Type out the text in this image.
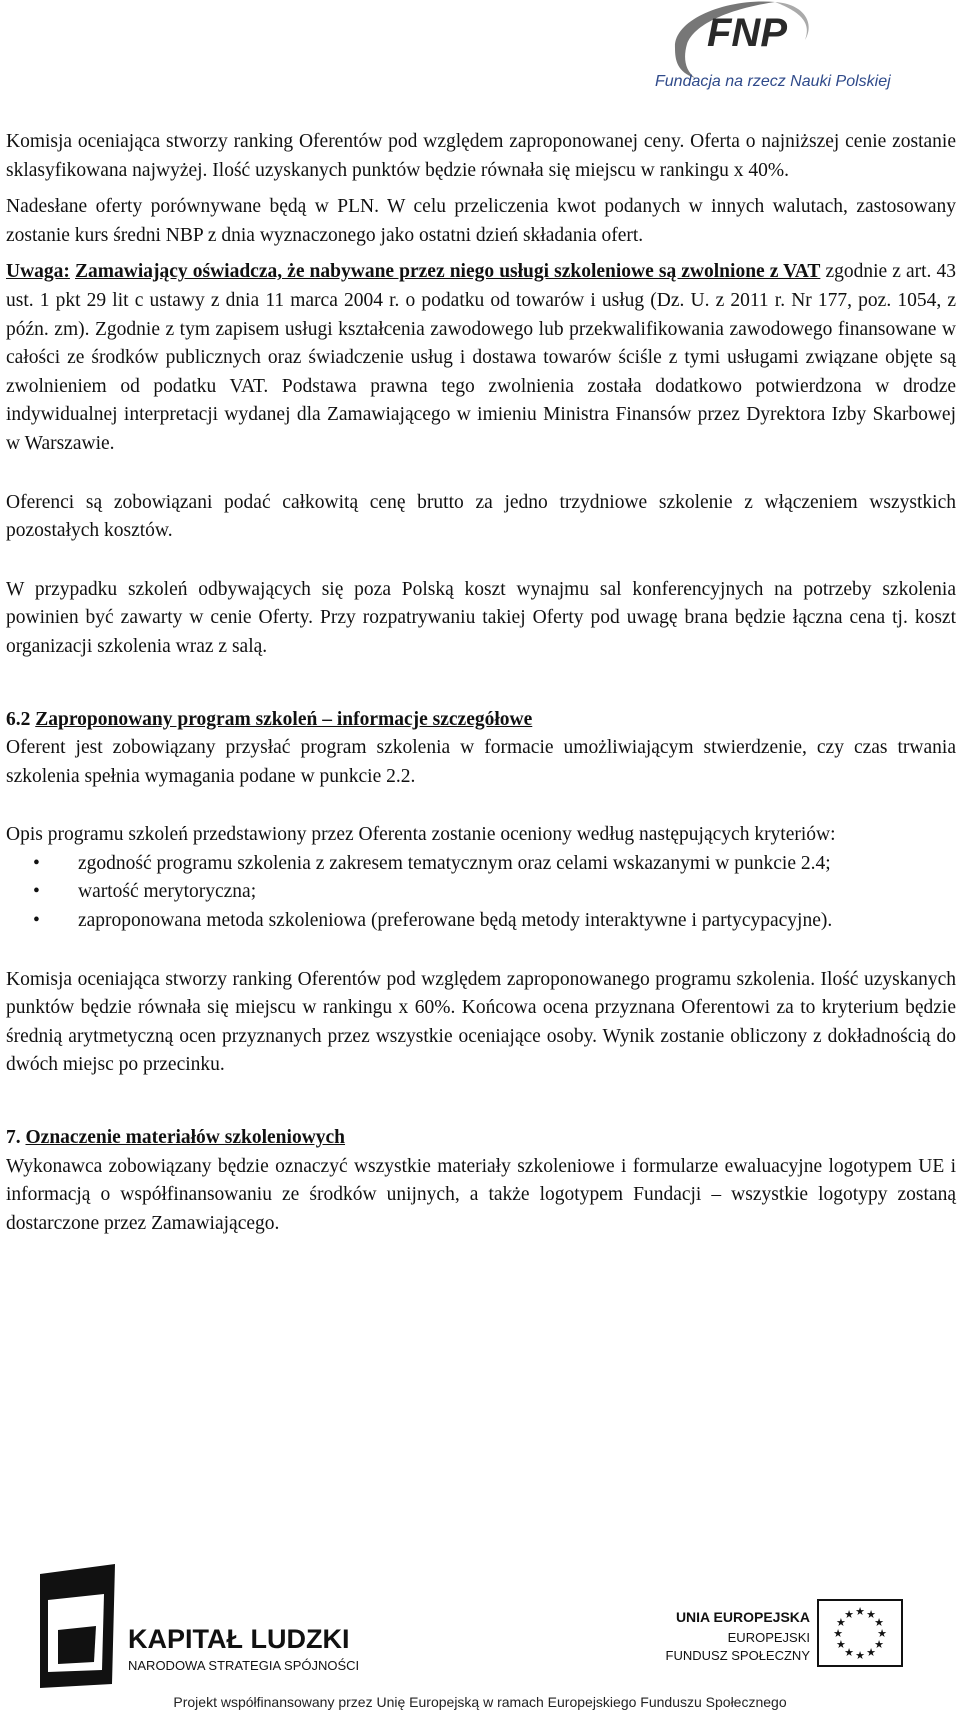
FNP
Fundacja na rzecz Nauki Polskiej

Komisja oceniająca stworzy ranking Oferentów pod względem zaproponowanej ceny. Oferta o najniższej cenie zostanie sklasyfikowana najwyżej. Ilość uzyskanych punktów będzie równała się miejscu w rankingu x 40%.

Nadesłane oferty porównywane będą w PLN. W celu przeliczenia kwot podanych w innych walutach, zastosowany zostanie kurs średni NBP z dnia wyznaczonego jako ostatni dzień składania ofert.

Uwaga: Zamawiający oświadcza, że nabywane przez niego usługi szkoleniowe są zwolnione z VAT zgodnie z art. 43 ust. 1 pkt 29 lit c ustawy z dnia 11 marca 2004 r. o podatku od towarów i usług (Dz. U. z 2011 r. Nr 177, poz. 1054, z późn. zm). Zgodnie z tym zapisem usługi kształcenia zawodowego lub przekwalifikowania zawodowego finansowane w całości ze środków publicznych oraz świadczenie usług i dostawa towarów ściśle z tymi usługami związane objęte są zwolnieniem od podatku VAT. Podstawa prawna tego zwolnienia została dodatkowo potwierdzona w drodze indywidualnej interpretacji wydanej dla Zamawiającego w imieniu Ministra Finansów przez Dyrektora Izby Skarbowej w Warszawie.

Oferenci są zobowiązani podać całkowitą cenę brutto za jedno trzydniowe szkolenie z włączeniem wszystkich pozostałych kosztów.

W przypadku szkoleń odbywających się poza Polską koszt wynajmu sal konferencyjnych na potrzeby szkolenia powinien być zawarty w cenie Oferty. Przy rozpatrywaniu takiej Oferty pod uwagę brana będzie łączna cena tj. koszt organizacji szkolenia wraz z salą.

6.2 Zaproponowany program szkoleń – informacje szczegółowe

Oferent jest zobowiązany przysłać program szkolenia w formacie umożliwiającym stwierdzenie, czy czas trwania szkolenia spełnia wymagania podane w punkcie 2.2.

Opis programu szkoleń przedstawiony przez Oferenta zostanie oceniony według następujących kryteriów:

• zgodność programu szkolenia z zakresem tematycznym oraz celami wskazanymi w punkcie 2.4;
• wartość merytoryczna;
• zaproponowana metoda szkoleniowa (preferowane będą metody interaktywne i partycypacyjne).

Komisja oceniająca stworzy ranking Oferentów pod względem zaproponowanego programu szkolenia. Ilość uzyskanych punktów będzie równała się miejscu w rankingu x 60%. Końcowa ocena przyznana Oferentowi za to kryterium będzie średnią arytmetyczną ocen przyznanych przez wszystkie oceniające osoby. Wynik zostanie obliczony z dokładnością do dwóch miejsc po przecinku.

7. Oznaczenie materiałów szkoleniowych

Wykonawca zobowiązany będzie oznaczyć wszystkie materiały szkoleniowe i formularze ewaluacyjne logotypem UE i informacją o współfinansowaniu ze środków unijnych, a także logotypem Fundacji – wszystkie logotypy zostaną dostarczone przez Zamawiającego.

KAPITAŁ LUDZKI
NARODOWA STRATEGIA SPÓJNOŚCI
UNIA EUROPEJSKA
EUROPEJSKI
FUNDUSZ SPOŁECZNY
★ ★
★
★
★
★
★
★
★
★
★
★
Projekt współfinansowany przez Unię Europejską w ramach Europejskiego Funduszu Społecznego
